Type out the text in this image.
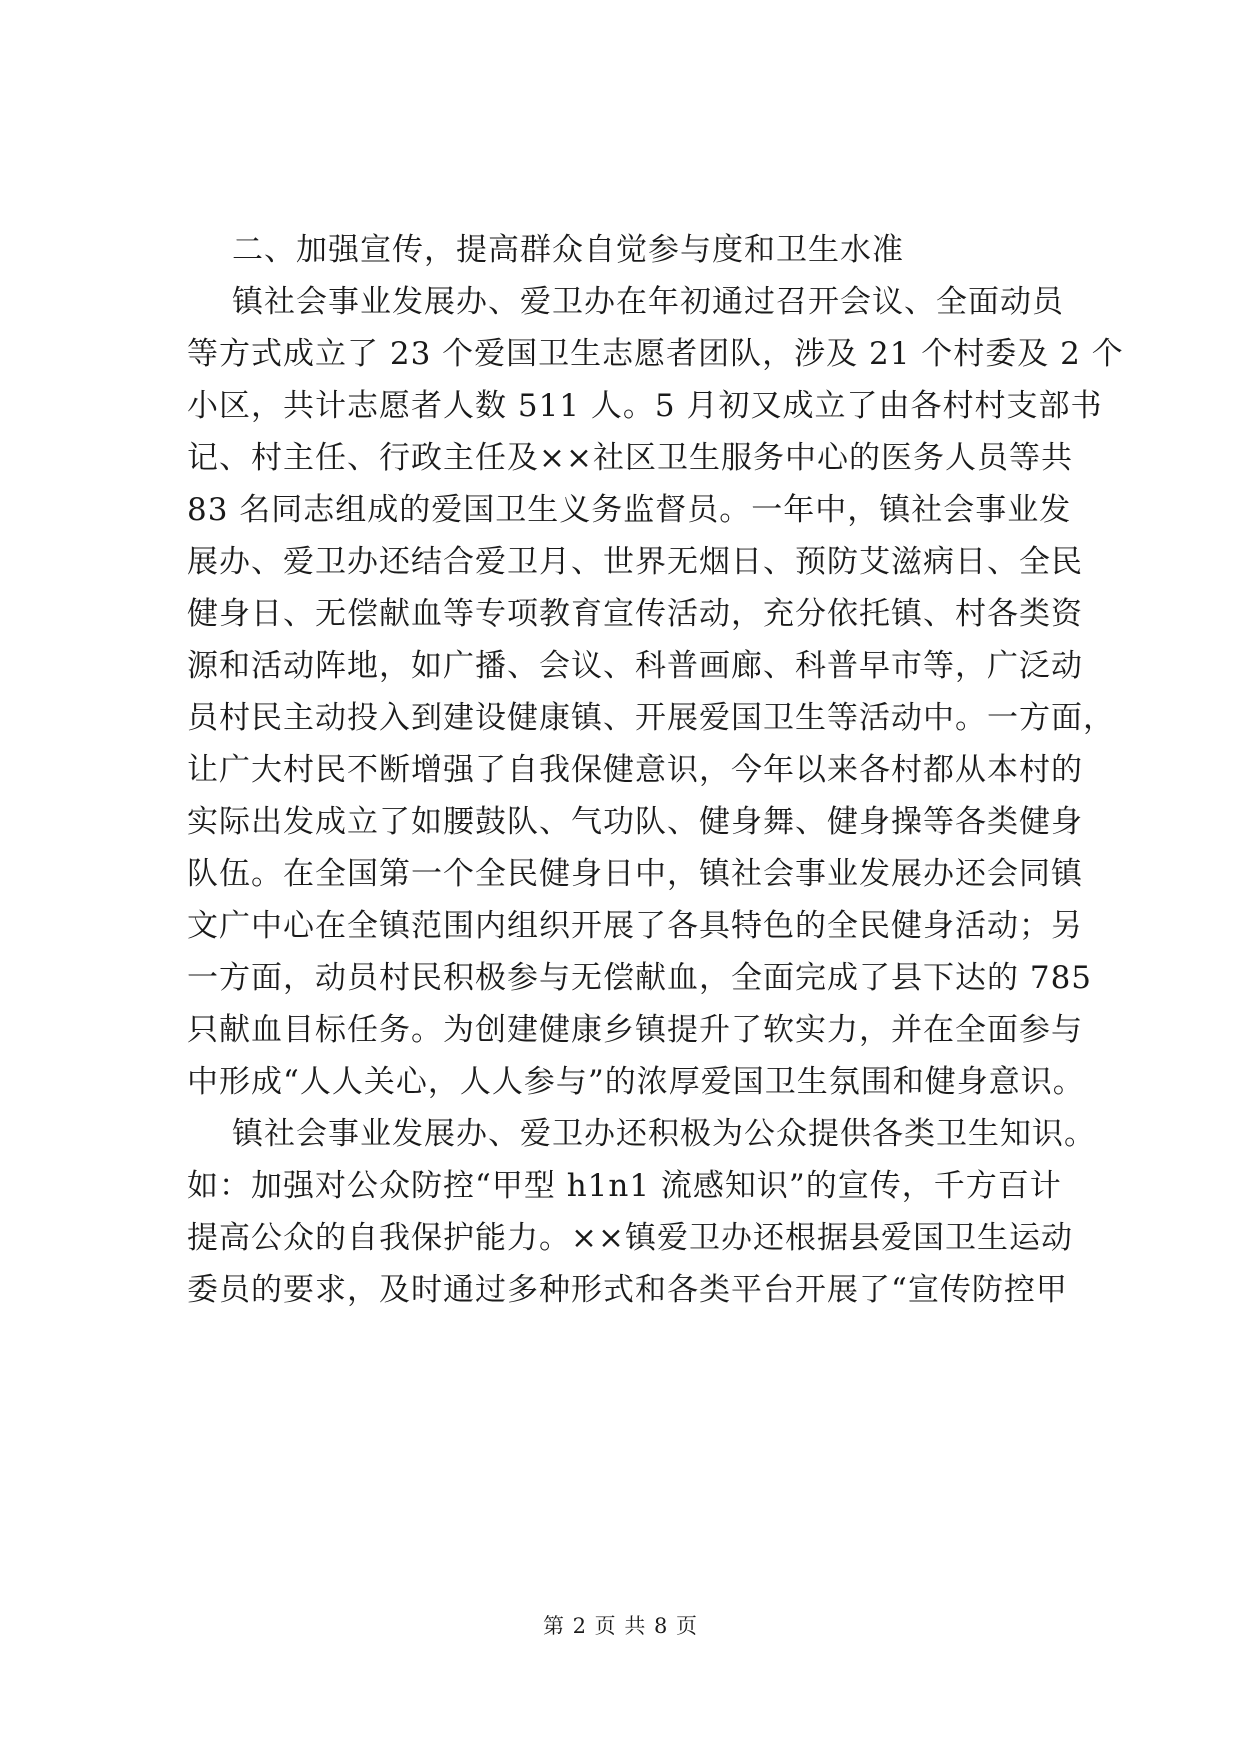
二、加强宣传，提高群众自觉参与度和卫生水准
镇社会事业发展办、爱卫办在年初通过召开会议、全面动员
等方式成立了 23 个爱国卫生志愿者团队，涉及 21 个村委及 2 个
小区，共计志愿者人数 511 人。5 月初又成立了由各村村支部书
记、村主任、行政主任及××社区卫生服务中心的医务人员等共
83 名同志组成的爱国卫生义务监督员。一年中，镇社会事业发
展办、爱卫办还结合爱卫月、世界无烟日、预防艾滋病日、全民
健身日、无偿献血等专项教育宣传活动，充分依托镇、村各类资
源和活动阵地，如广播、会议、科普画廊、科普早市等，广泛动
员村民主动投入到建设健康镇、开展爱国卫生等活动中。一方面，
让广大村民不断增强了自我保健意识，今年以来各村都从本村的
实际出发成立了如腰鼓队、气功队、健身舞、健身操等各类健身
队伍。在全国第一个全民健身日中，镇社会事业发展办还会同镇
文广中心在全镇范围内组织开展了各具特色的全民健身活动；另
一方面，动员村民积极参与无偿献血，全面完成了县下达的 785
只献血目标任务。为创建健康乡镇提升了软实力，并在全面参与
中形成“人人关心，人人参与”的浓厚爱国卫生氛围和健身意识。
镇社会事业发展办、爱卫办还积极为公众提供各类卫生知识。
如：加强对公众防控“甲型 h1n1 流感知识”的宣传，千方百计
提高公众的自我保护能力。××镇爱卫办还根据县爱国卫生运动
委员的要求，及时通过多种形式和各类平台开展了“宣传防控甲
第 2 页 共 8 页
